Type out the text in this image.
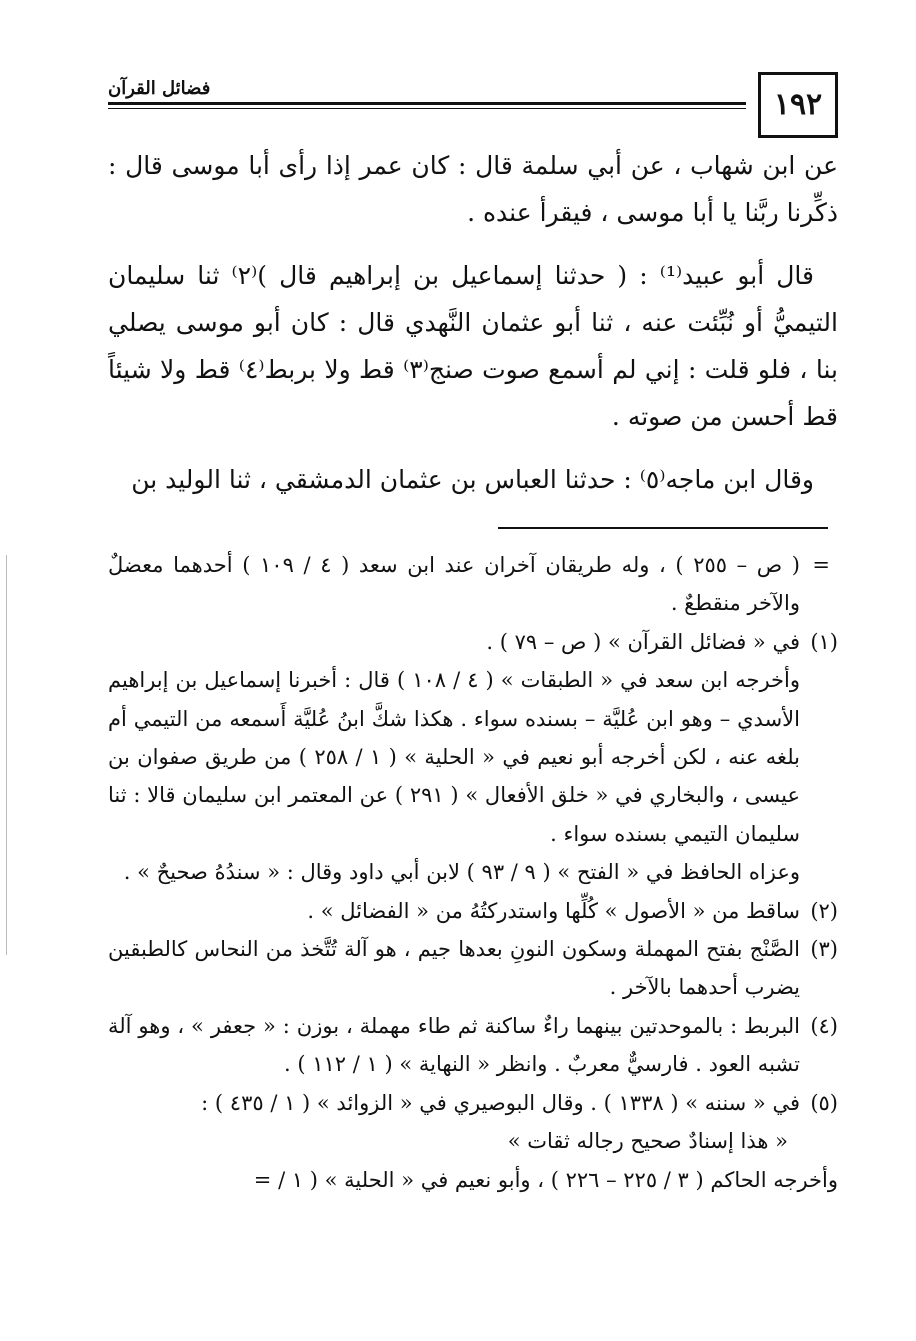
فضائل القرآن	١٩٢

عن ابن شهاب ، عن أبي سلمة قال : كان عمر إذا رأى أبا موسى قال : ذكِّرنا ربَّنا يا أبا موسى ، فيقرأ عنده .

قال أبو عبيد⁽¹⁾ : ( حدثنا إسماعيل بن إبراهيم قال )⁽٢⁾ ثنا سليمان التيميُّ أو نُبِّئت عنه ، ثنا أبو عثمان النَّهدي قال : كان أبو موسى يصلي بنا ، فلو قلت : إني لم أسمع صوت صنج⁽٣⁾ قط ولا بربط⁽٤⁾ قط ولا شيئاً قط أحسن من صوته .

وقال ابن ماجه⁽٥⁾ : حدثنا العباس بن عثمان الدمشقي ، ثنا الوليد بن

=

( ص – ٢٥٥ ) ، وله طريقان آخران عند ابن سعد ( ٤ / ١٠٩ ) أحدهما معضلٌ والآخر منقطعٌ .

(١)

في « فضائل القرآن » ( ص – ٧٩ ) .

وأخرجه ابن سعد في « الطبقات » ( ٤ / ١٠٨ ) قال : أخبرنا إسماعيل بن إبراهيم الأسدي – وهو ابن عُليَّة – بسنده سواء . هكذا شكَّ ابنُ عُليَّة أَسمعه من التيمي أم بلغه عنه ، لكن أخرجه أبو نعيم في « الحلية » ( ١ / ٢٥٨ ) من طريق صفوان بن عيسى ، والبخاري في « خلق الأفعال » ( ٢٩١ ) عن المعتمر ابن سليمان قالا : ثنا سليمان التيمي بسنده سواء .

وعزاه الحافظ في « الفتح » ( ٩ / ٩٣ ) لابن أبي داود وقال : « سندُهُ صحيحٌ » .

(٢)

ساقط من « الأصول » كُلِّها واستدركتُهُ من « الفضائل » .

(٣)

الصَّنْج بفتح المهملة وسكون النونِ بعدها جيم ، هو آلة تُتَّخذ من النحاس كالطبقين يضرب أحدهما بالآخر .

(٤)

البربط : بالموحدتين بينهما راءٌ ساكنة ثم طاء مهملة ، بوزن : « جعفر » ، وهو آلة تشبه العود . فارسيٌّ معربٌ . وانظر « النهاية » ( ١ / ١١٢ ) .

(٥)

في « سننه » ( ١٣٣٨ ) . وقال البوصيري في « الزوائد » ( ١ / ٤٣٥ ) :

« هذا إسنادٌ صحيح رجاله ثقات »

وأخرجه الحاكم ( ٣ / ٢٢٥ – ٢٢٦ ) ، وأبو نعيم في « الحلية » ( ١ / =
